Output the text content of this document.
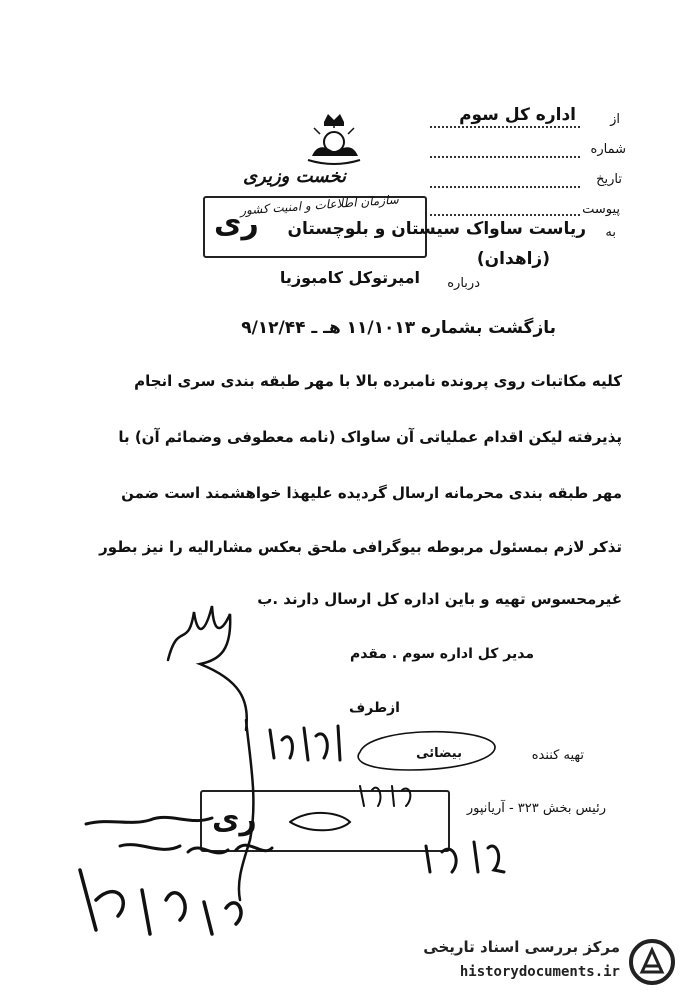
نخست وزیری
از
شماره
تاریخ
پیوست
به
درباره
اداره کل سوم
سازمان اطلاعات و امنیت کشور
ری ریاست ساواک سیستان و بلوچستان
(زاهدان)
امیرتوکل کامبوزیا
بازگشت بشماره ۱۱/۱۰۱۳ هـ ـ ۹/۱۲/۴۴
کلیه مکاتبات روی پرونده نامبرده بالا با مهر طبقه بندی سری انجام
پذیرفته لیکن اقدام عملیاتی آن ساواک (نامه معطوفی وضمائم آن) با
مهر طبقه بندی محرمانه ارسال گردیده علیهذا خواهشمند است ضمن
تذکر لازم بمسئول مربوطه بیوگرافی ملحق بعکس مشارالیه را نیز بطور
غیرمحسوس تهیه و باین اداره کل ارسال دارند .ب
مدیر کل اداره سوم . مقدم
ازطرف
تهیه کننده
بیضائی
رئیس بخش ۳۲۳ - آریانپور
ری
مرکز بررسی اسناد تاریخی
historydocuments.ir
